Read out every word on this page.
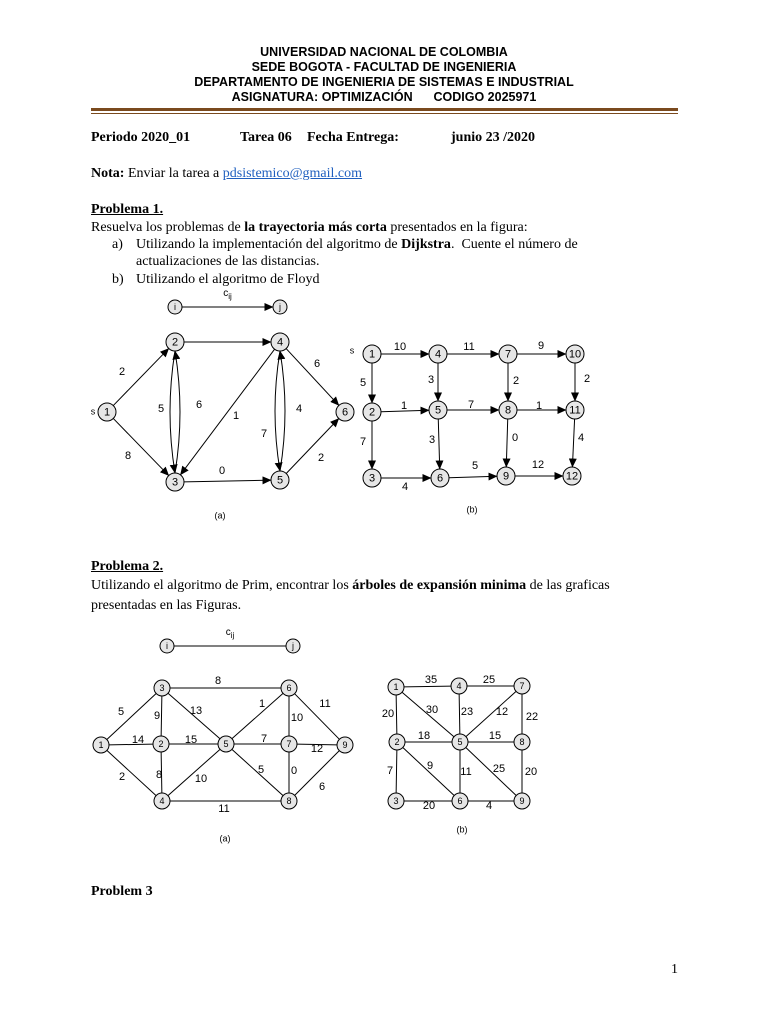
UNIVERSIDAD NACIONAL DE COLOMBIA
SEDE BOGOTA - FACULTAD DE INGENIERIA
DEPARTAMENTO DE INGENIERIA DE SISTEMAS E INDUSTRIAL
ASIGNATURA: OPTIMIZACIÓN      CODIGO 2025971
Periodo 2020_01	Tarea 06 Fecha Entrega:	junio 23 /2020
Nota: Enviar la tarea a pdsistemico@gmail.com
Problema 1.
Resuelva los problemas de la trayectoria más corta presentados en la figura:
a) Utilizando la implementación del algoritmo de Dijkstra.  Cuente el número de
actualizaciones de las distancias.
b) Utilizando el algoritmo de Floyd
Problema 2.
Utilizando el algoritmo de Prim, encontrar los árboles de expansión minima de las graficas
presentadas en las Figuras.
Problem 3
1
i	j
$c_{ij}$
2
8
5	6
0
1
7
4
6
2
1
2
3
4
5
6
s
(a)
10	11	9
5	3	2	2
1	7	1
7	3	0	4
4
5	12
1	4	7	10
2	5	8	11
3	6	9	12
s
(b)
i	j
$c_{ij}$
5
14
2
8
9	13
15
8	10
11
1
7
5
10
11
12
0
6
1	2
3
4
5
6
7
8
9
(a)
35	25
20	30 23 12 22
18	15
7	9 11 25 20
20	4
1	4	7
2	5	8
3	6	9
(b)
